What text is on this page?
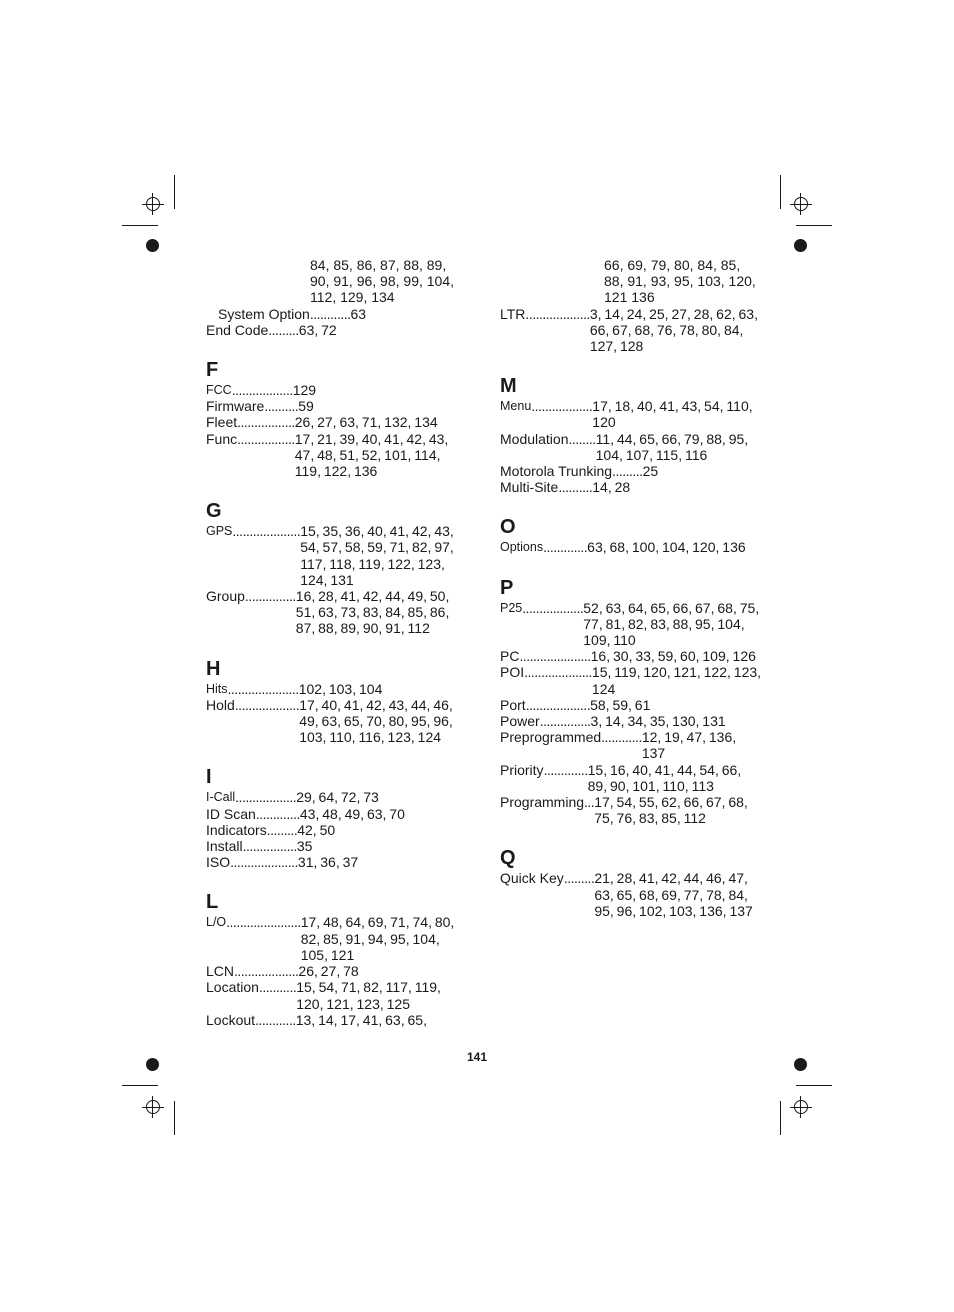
84, 85, 86, 87, 88, 89, 90, 91, 96, 98, 99, 104, 112, 129, 134
System Option ............ 63
End Code ......... 63, 72
F
FCC .................. 129
Firmware .......... 59
Fleet ................. 26, 27, 63, 71, 132, 134
Func ................. 17, 21, 39, 40, 41, 42, 43, 47, 48, 51, 52, 101, 114, 119, 122, 136
G
GPS .................... 15, 35, 36, 40, 41, 42, 43, 54, 57, 58, 59, 71, 82, 97, 117, 118, 119, 122, 123, 124, 131
Group ............... 16, 28, 41, 42, 44, 49, 50, 51, 63, 73, 83, 84, 85, 86, 87, 88, 89, 90, 91, 112
H
Hits ..................... 102, 103, 104
Hold ................... 17, 40, 41, 42, 43, 44, 46, 49, 63, 65, 70, 80, 95, 96, 103, 110, 116, 123, 124
I
I-Call .................. 29, 64, 72, 73
ID Scan ............. 43, 48, 49, 63, 70
Indicators ......... 42, 50
Install ................ 35
ISO .................... 31, 36, 37
L
L/O ...................... 17, 48, 64, 69, 71, 74, 80, 82, 85, 91, 94, 95, 104, 105, 121
LCN ................... 26, 27, 78
Location ........... 15, 54, 71, 82, 117, 119, 120, 121, 123, 125
Lockout ............ 13, 14, 17, 41, 63, 65,
66, 69, 79, 80, 84, 85, 88, 91, 93, 95, 103, 120, 121 136
LTR ................... 3, 14, 24, 25, 27, 28, 62, 63, 66, 67, 68, 76, 78, 80, 84, 127, 128
M
Menu .................. 17, 18, 40, 41, 43, 54, 110, 120
Modulation ........ 11, 44, 65, 66, 79, 88, 95, 104, 107, 115, 116
Motorola Trunking ......... 25
Multi-Site .......... 14, 28
O
Options ............. 63, 68, 100, 104, 120, 136
P
P25 .................. 52, 63, 64, 65, 66, 67, 68, 75, 77, 81, 82, 83, 88, 95, 104, 109, 110
PC ..................... 16, 30, 33, 59, 60, 109, 126
POI .................... 15, 119, 120, 121, 122, 123, 124
Port ................... 58, 59, 61
Power ............... 3, 14, 34, 35, 130, 131
Preprogrammed ............ 12, 19, 47, 136, 137
Priority ............. 15, 16, 40, 41, 44, 54, 66, 89, 90, 101, 110, 113
Programming ... 17, 54, 55, 62, 66, 67, 68, 75, 76, 83, 85, 112
Q
Quick Key ......... 21, 28, 41, 42, 44, 46, 47, 63, 65, 68, 69, 77, 78, 84, 95, 96, 102, 103, 136, 137
141
